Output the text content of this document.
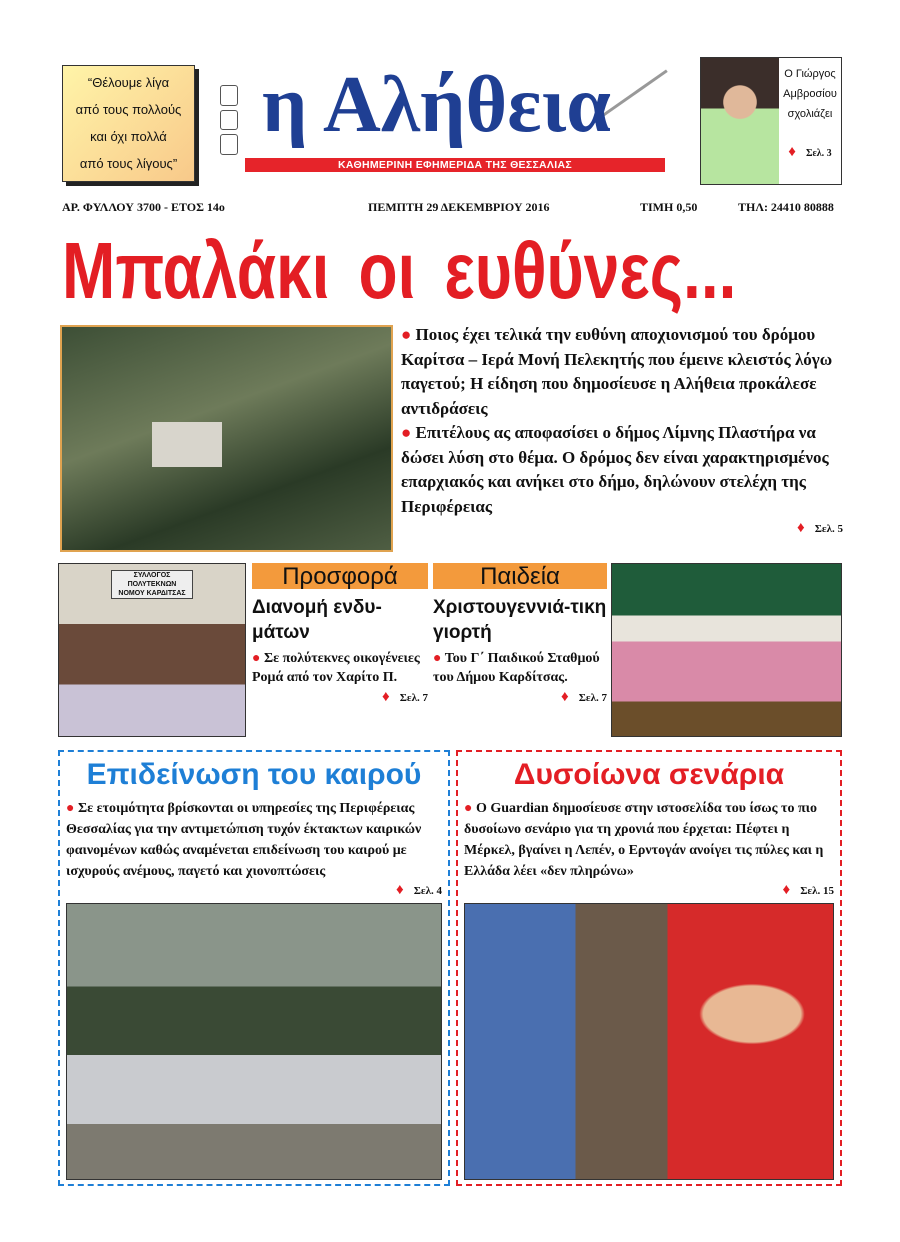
“Θέλουμε λίγα
από τους πολλούς
και όχι πολλά
από τους λίγους”
η Αλήθεια
ΚΑΘΗΜΕΡΙΝΗ ΕΦΗΜΕΡΙΔΑ ΤΗΣ ΘΕΣΣΑΛΙΑΣ
Ο Γιώργος
Αμβροσίου
σχολιάζει
♦ Σελ. 3
ΑΡ. ΦΥΛΛΟΥ 3700 - ΕΤΟΣ 14ο	ΠΕΜΠΤΗ 29 ΔΕΚΕΜΒΡΙΟΥ 2016	ΤΙΜΗ 0,50	ΤΗΛ: 24410 80888
Μπαλάκι οι ευθύνες...

● Ποιος έχει τελικά την ευθύνη αποχιονισμού του δρόμου Καρίτσα – Ιερά Μονή Πελεκητής που έμεινε κλειστός λόγω παγετού; Η είδηση που δημοσίευσε η Αλήθεια προκάλεσε αντιδράσεις

● Επιτέλους ας αποφασίσει ο δήμος Λίμνης Πλαστήρα να δώσει λύση στο θέμα. Ο δρόμος δεν είναι χαρακτηρισμένος επαρχιακός και ανήκει στο δήμο, δηλώνουν στελέχη της Περιφέρειας

♦ Σελ. 5
ΣΥΛΛΟΓΟΣ
ΠΟΛΥΤΕΚΝΩΝ
ΝΟΜΟΥ ΚΑΡΔΙΤΣΑΣ
Προσφορά
Διανομή ενδυ-μάτων
● Σε πολύτεκνες οικογένειες Ρομά από τον Χαρίτο Π.
♦ Σελ. 7
Παιδεία
Χριστουγεννιά-τικη γιορτή
● Του Γ΄ Παιδικού Σταθμού του Δήμου Καρδίτσας.
♦ Σελ. 7
Επιδείνωση του καιρού
● Σε ετοιμότητα βρίσκονται οι υπηρεσίες της Περιφέρειας Θεσσαλίας για την αντιμετώπιση τυχόν έκτακτων καιρικών φαινομένων καθώς αναμένεται επιδείνωση του καιρού με ισχυρούς ανέμους, παγετό και χιονοπτώσεις
♦ Σελ. 4
Δυσοίωνα σενάρια
● Ο Guardian δημοσίευσε στην ιστοσελίδα του ίσως το πιο δυσοίωνο σενάριο για τη χρονιά που έρχεται: Πέφτει η Μέρκελ, βγαίνει η Λεπέν, ο Ερντογάν ανοίγει τις πύλες και η Ελλάδα λέει «δεν πληρώνω»
♦ Σελ. 15
